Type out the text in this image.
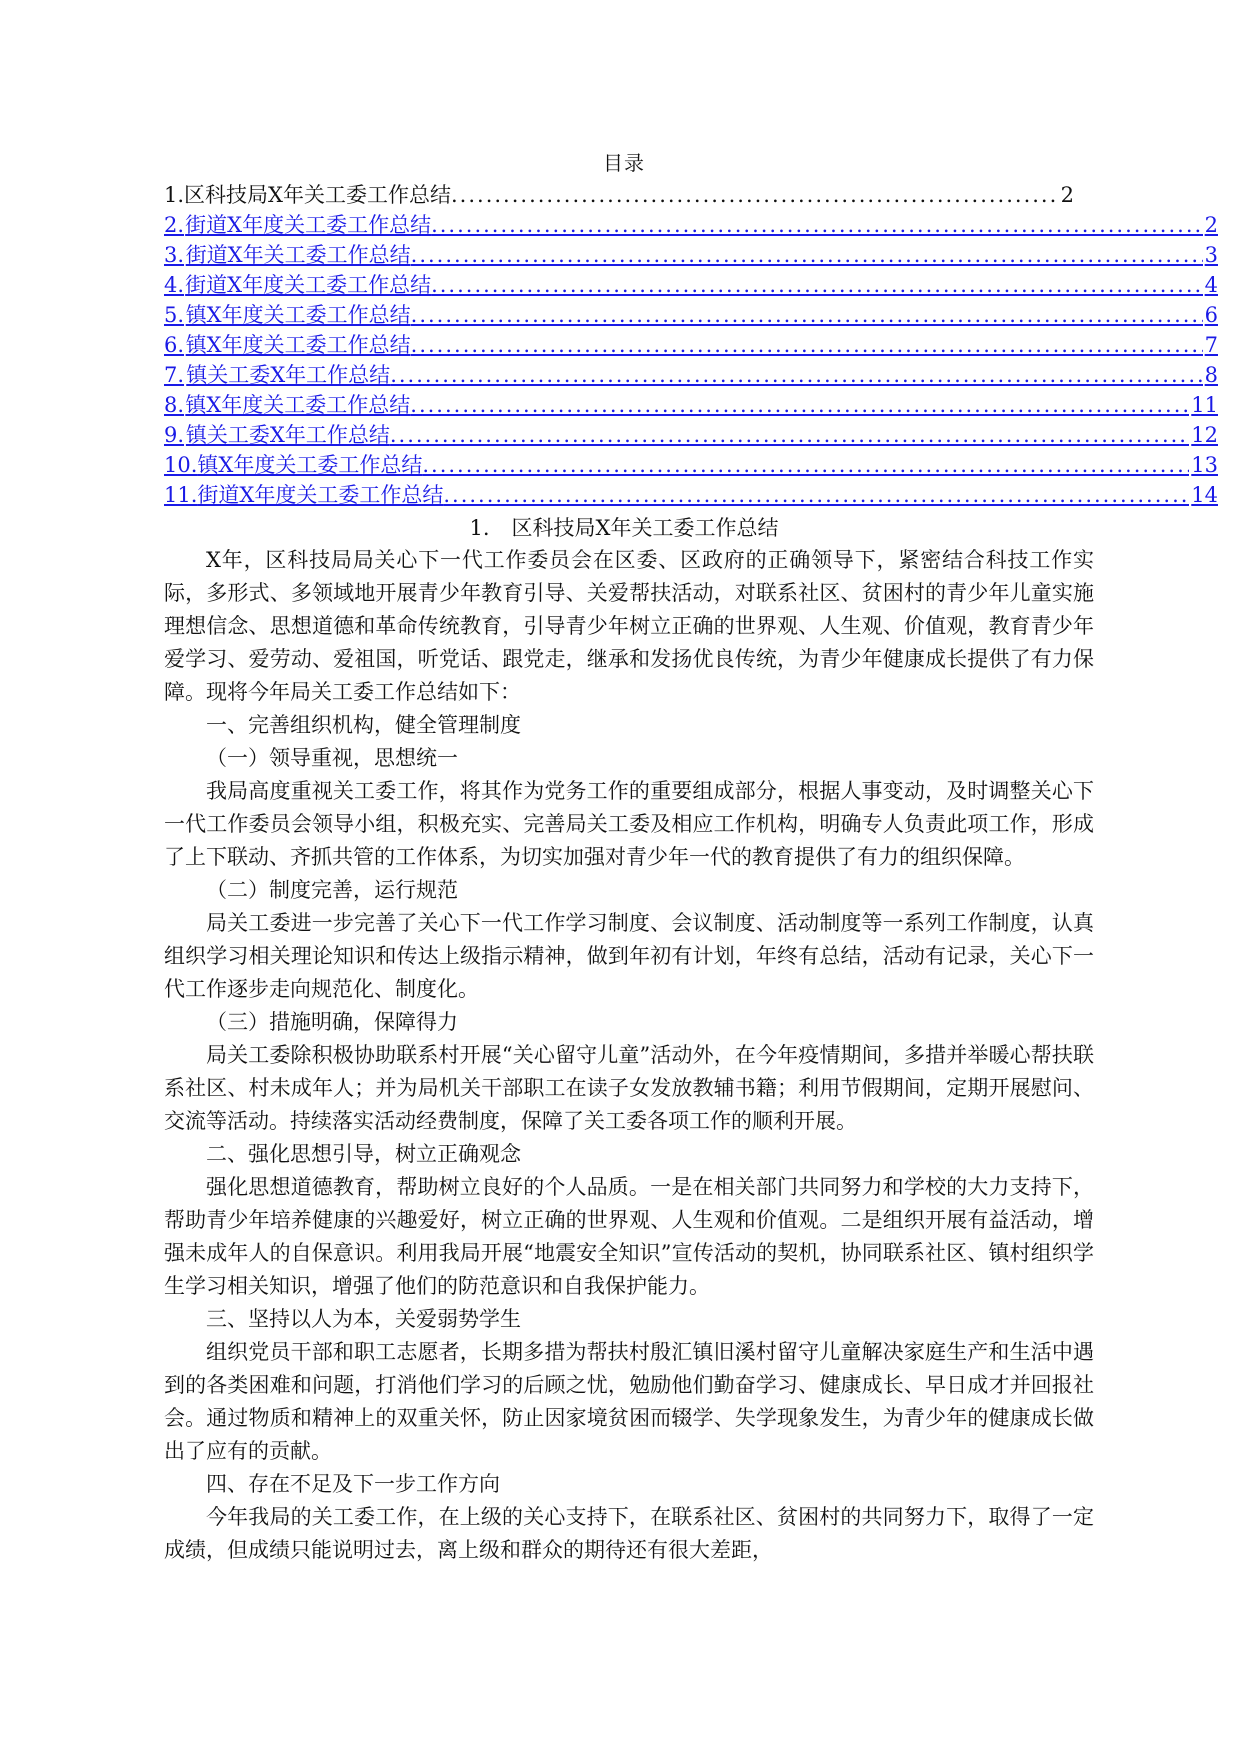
目录
1. 区科技局X年关工委工作总结 .....	2
2. 街道X年度关工委工作总结 .....	2
3. 街道X年关工委工作总结 .....	3
4. 街道X年度关工委工作总结 .....	4
5. 镇X年度关工委工作总结 .....	6
6. 镇X年度关工委工作总结 .....	7
7. 镇关工委X年工作总结 .....	8
8. 镇X年度关工委工作总结 .....	11
9. 镇关工委X年工作总结 .....	12
10. 镇X年度关工委工作总结 .....	13
11. 街道X年度关工委工作总结 .....	14
1. 区科技局X年关工委工作总结

X年，区科技局局关心下一代工作委员会在区委、区政府的正确领导下，紧密结合科技工作实际，多形式、多领域地开展青少年教育引导、关爱帮扶活动，对联系社区、贫困村的青少年儿童实施理想信念、思想道德和革命传统教育，引导青少年树立正确的世界观、人生观、价值观，教育青少年爱学习、爱劳动、爱祖国，听党话、跟党走，继承和发扬优良传统，为青少年健康成长提供了有力保障。现将今年局关工委工作总结如下：

一、完善组织机构，健全管理制度

（一）领导重视，思想统一

我局高度重视关工委工作，将其作为党务工作的重要组成部分，根据人事变动，及时调整关心下一代工作委员会领导小组，积极充实、完善局关工委及相应工作机构，明确专人负责此项工作，形成了上下联动、齐抓共管的工作体系，为切实加强对青少年一代的教育提供了有力的组织保障。

（二）制度完善，运行规范

局关工委进一步完善了关心下一代工作学习制度、会议制度、活动制度等一系列工作制度，认真组织学习相关理论知识和传达上级指示精神，做到年初有计划，年终有总结，活动有记录，关心下一代工作逐步走向规范化、制度化。

（三）措施明确，保障得力

局关工委除积极协助联系村开展“关心留守儿童”活动外，在今年疫情期间，多措并举暖心帮扶联系社区、村未成年人；并为局机关干部职工在读子女发放教辅书籍；利用节假期间，定期开展慰问、交流等活动。持续落实活动经费制度，保障了关工委各项工作的顺利开展。

二、强化思想引导，树立正确观念

强化思想道德教育，帮助树立良好的个人品质。一是在相关部门共同努力和学校的大力支持下，帮助青少年培养健康的兴趣爱好，树立正确的世界观、人生观和价值观。二是组织开展有益活动，增强未成年人的自保意识。利用我局开展“地震安全知识”宣传活动的契机，协同联系社区、镇村组织学生学习相关知识，增强了他们的防范意识和自我保护能力。

三、坚持以人为本，关爱弱势学生

组织党员干部和职工志愿者，长期多措为帮扶村殷汇镇旧溪村留守儿童解决家庭生产和生活中遇到的各类困难和问题，打消他们学习的后顾之忧，勉励他们勤奋学习、健康成长、早日成才并回报社会。通过物质和精神上的双重关怀，防止因家境贫困而辍学、失学现象发生，为青少年的健康成长做出了应有的贡献。

四、存在不足及下一步工作方向

今年我局的关工委工作，在上级的关心支持下，在联系社区、贫困村的共同努力下，取得了一定成绩，但成绩只能说明过去，离上级和群众的期待还有很大差距，
